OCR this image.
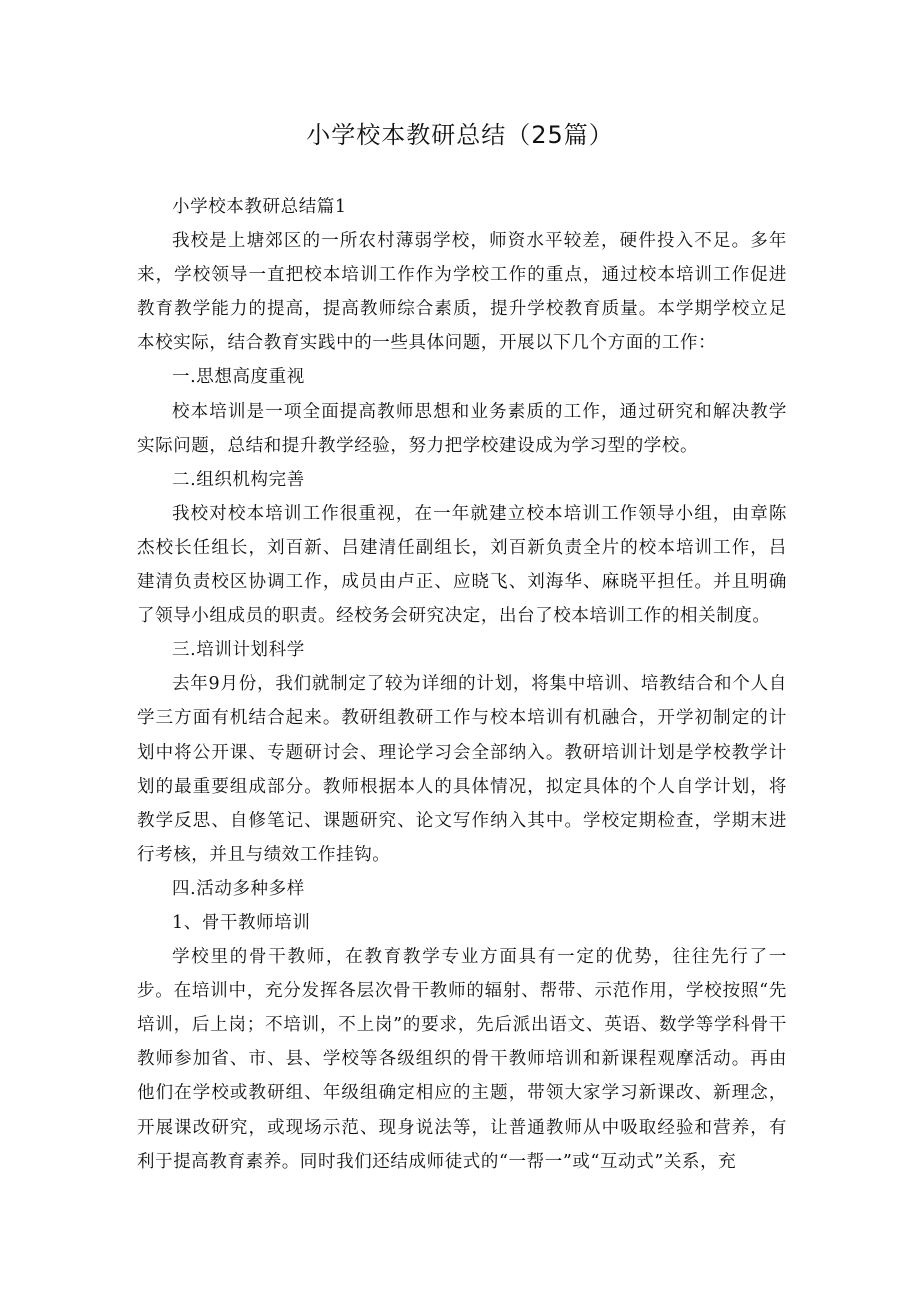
小学校本教研总结（25篇）

小学校本教研总结篇1

我校是上塘郊区的一所农村薄弱学校，师资水平较差，硬件投入不足。多年来，学校领导一直把校本培训工作作为学校工作的重点，通过校本培训工作促进教育教学能力的提高，提高教师综合素质，提升学校教育质量。本学期学校立足本校实际，结合教育实践中的一些具体问题，开展以下几个方面的工作：

一.思想高度重视

校本培训是一项全面提高教师思想和业务素质的工作，通过研究和解决教学实际问题，总结和提升教学经验，努力把学校建设成为学习型的学校。

二.组织机构完善

我校对校本培训工作很重视，在一年就建立校本培训工作领导小组，由章陈杰校长任组长，刘百新、吕建清任副组长，刘百新负责全片的校本培训工作，吕建清负责校区协调工作，成员由卢正、应晓飞、刘海华、麻晓平担任。并且明确了领导小组成员的职责。经校务会研究决定，出台了校本培训工作的相关制度。

三.培训计划科学

去年9月份，我们就制定了较为详细的计划，将集中培训、培教结合和个人自学三方面有机结合起来。教研组教研工作与校本培训有机融合，开学初制定的计划中将公开课、专题研讨会、理论学习会全部纳入。教研培训计划是学校教学计划的最重要组成部分。教师根据本人的具体情况，拟定具体的个人自学计划，将教学反思、自修笔记、课题研究、论文写作纳入其中。学校定期检查，学期末进行考核，并且与绩效工作挂钩。

四.活动多种多样

1、骨干教师培训

学校里的骨干教师，在教育教学专业方面具有一定的优势，往往先行了一步。在培训中，充分发挥各层次骨干教师的辐射、帮带、示范作用，学校按照“先培训，后上岗；不培训，不上岗”的要求，先后派出语文、英语、数学等学科骨干教师参加省、市、县、学校等各级组织的骨干教师培训和新课程观摩活动。再由他们在学校或教研组、年级组确定相应的主题，带领大家学习新课改、新理念，开展课改研究，或现场示范、现身说法等，让普通教师从中吸取经验和营养，有利于提高教育素养。同时我们还结成师徒式的“一帮一”或“互动式”关系，充
